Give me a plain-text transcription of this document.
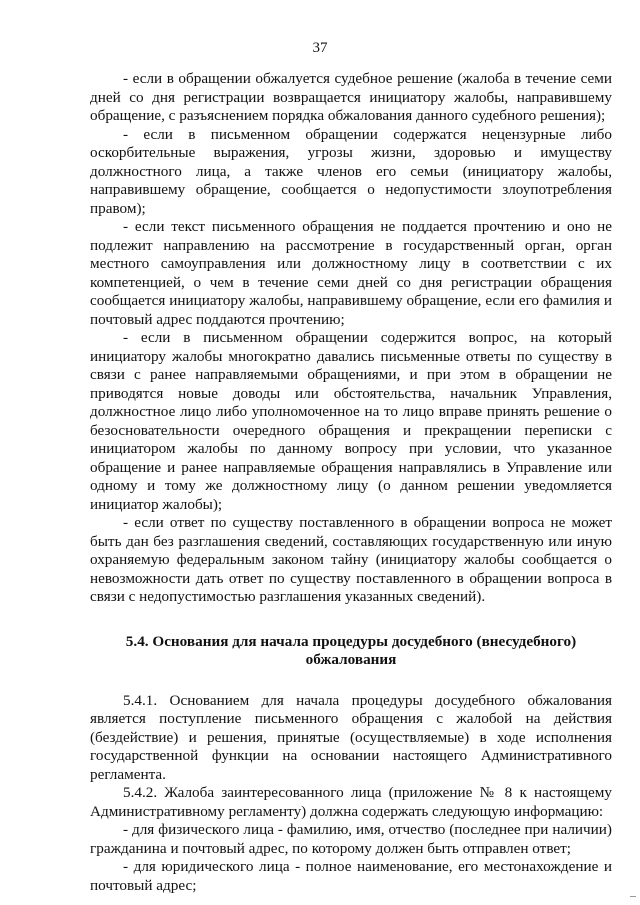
37

- если в обращении обжалуется судебное решение (жалоба в течение семи дней со дня регистрации возвращается инициатору жалобы, направившему обращение, с разъяснением порядка обжалования данного судебного решения);

- если в письменном обращении содержатся нецензурные либо оскорбительные выражения, угрозы жизни, здоровью и имуществу должностного лица, а также членов его семьи (инициатору жалобы, направившему обращение, сообщается о недопустимости злоупотребления правом);

- если текст письменного обращения не поддается прочтению и оно не подлежит направлению на рассмотрение в государственный орган, орган местного самоуправления или должностному лицу в соответствии с их компетенцией, о чем в течение семи дней со дня регистрации обращения сообщается инициатору жалобы, направившему обращение, если его фамилия и почтовый адрес поддаются прочтению;

- если в письменном обращении содержится вопрос, на который инициатору жалобы многократно давались письменные ответы по существу в связи с ранее направляемыми обращениями, и при этом в обращении не приводятся новые доводы или обстоятельства, начальник Управления, должностное лицо либо уполномоченное на то лицо вправе принять решение о безосновательности очередного обращения и прекращении переписки с инициатором жалобы по данному вопросу при условии, что указанное обращение и ранее направляемые обращения направлялись в Управление или одному и тому же должностному лицу (о данном решении уведомляется инициатор жалобы);

- если ответ по существу поставленного в обращении вопроса не может быть дан без разглашения сведений, составляющих государственную или иную охраняемую федеральным законом тайну (инициатору жалобы сообщается о невозможности дать ответ по существу поставленного в обращении вопроса в связи с недопустимостью разглашения указанных сведений).

5.4. Основания для начала процедуры досудебного (внесудебного)
обжалования

5.4.1. Основанием для начала процедуры досудебного обжалования является поступление письменного обращения с жалобой на действия (бездействие) и решения, принятые (осуществляемые) в ходе исполнения государственной функции на основании настоящего Административного регламента.

5.4.2. Жалоба заинтересованного лица (приложение № 8 к настоящему Административному регламенту) должна содержать следующую информацию:

- для физического лица - фамилию, имя, отчество (последнее при наличии) гражданина и почтовый адрес, по которому должен быть отправлен ответ;

- для юридического лица - полное наименование, его местонахождение и почтовый адрес;
